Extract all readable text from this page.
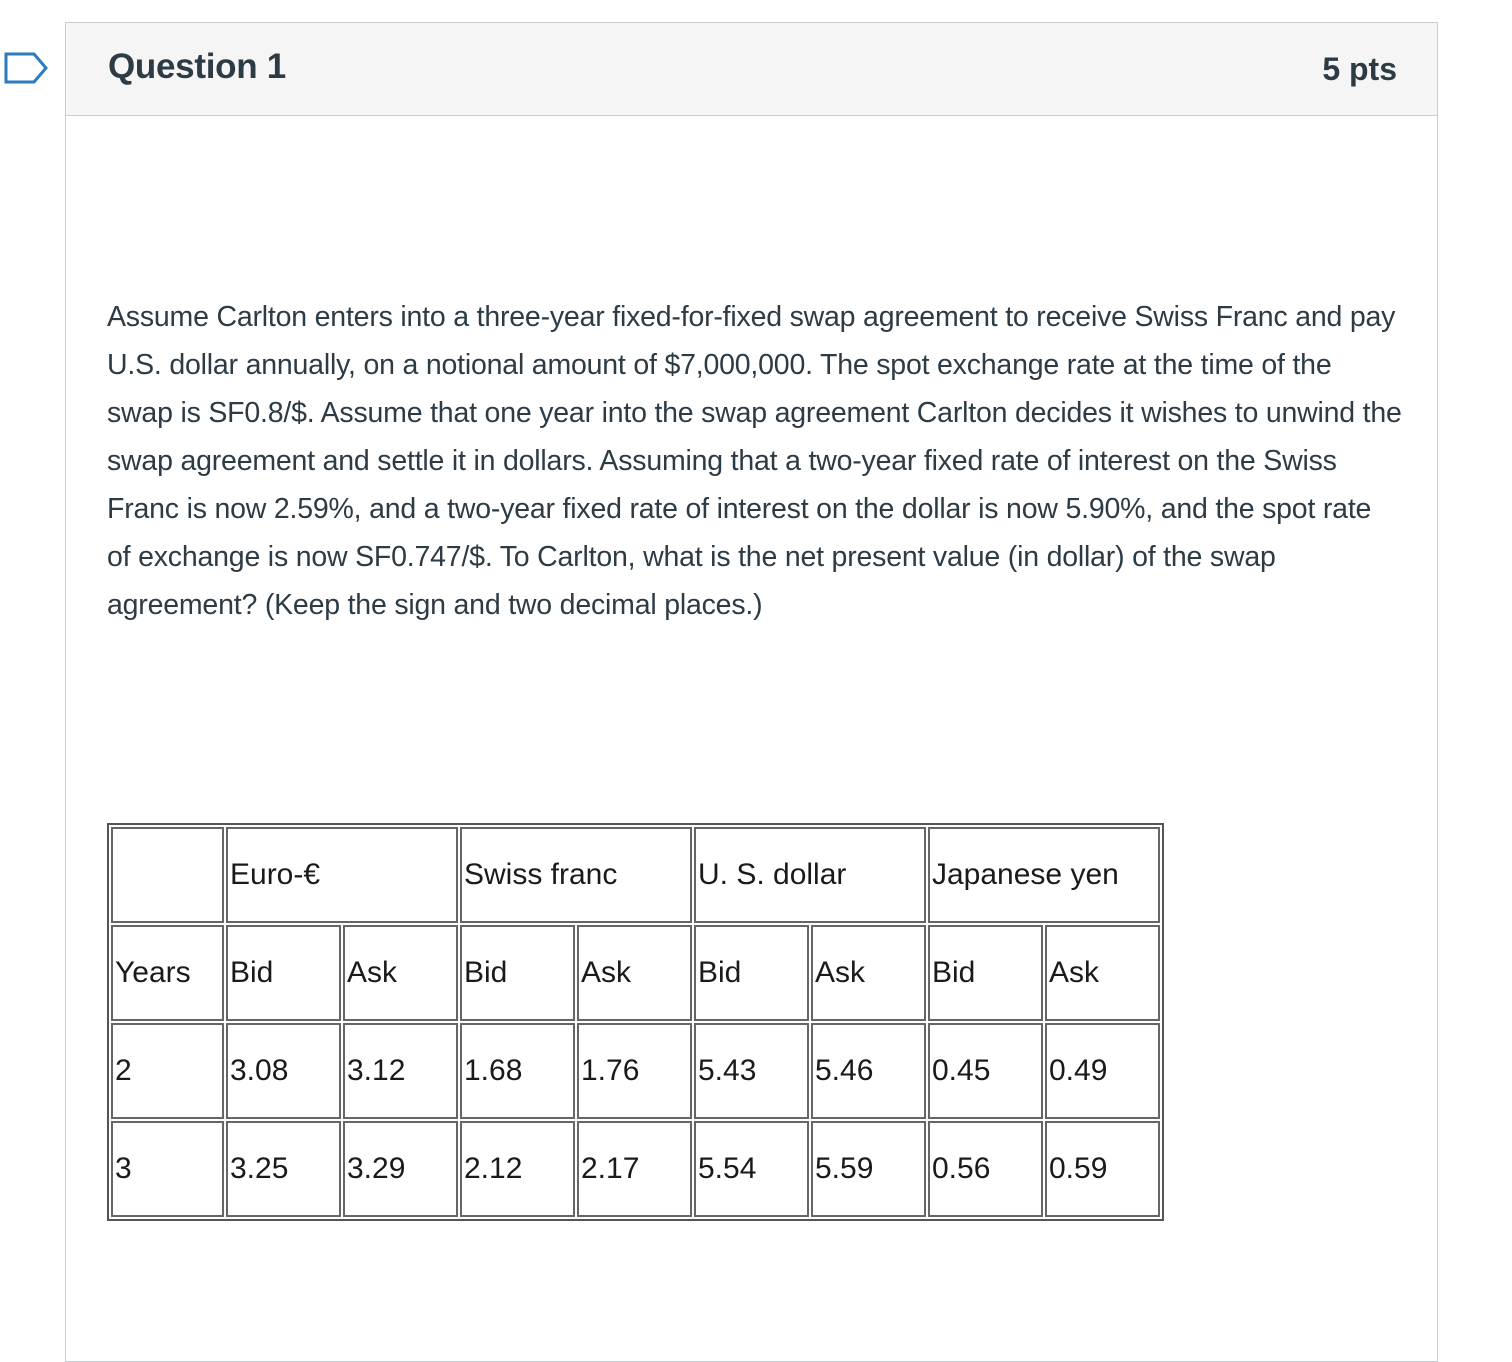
Question 1	5 pts
Assume Carlton enters into a three-year fixed-for-fixed swap agreement to receive Swiss Franc and pay U.S. dollar annually, on a notional amount of $7,000,000. The spot exchange rate at the time of the swap is SF0.8/$. Assume that one year into the swap agreement Carlton decides it wishes to unwind the swap agreement and settle it in dollars. Assuming that a two-year fixed rate of interest on the Swiss Franc is now 2.59%, and a two-year fixed rate of interest on the dollar is now 5.90%, and the spot rate of exchange is now SF0.747/$. To Carlton, what is the net present value (in dollar) of the swap agreement? (Keep the sign and two decimal places.)
	Euro-€		Swiss franc		U. S. dollar		Japanese yen	
Years	Bid	Ask	Bid	Ask	Bid	Ask	Bid	Ask
2	3.08	3.12	1.68	1.76	5.43	5.46	0.45	0.49
3	3.25	3.29	2.12	2.17	5.54	5.59	0.56	0.59
